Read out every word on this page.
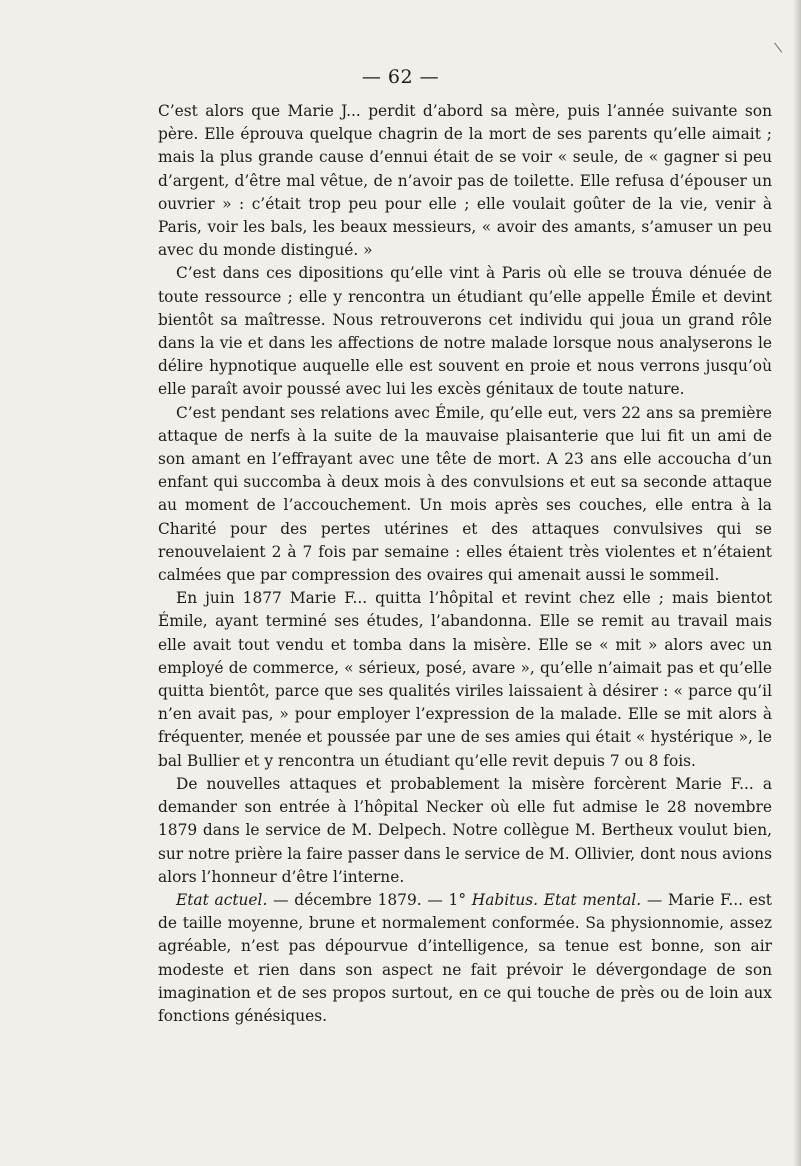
\
— 62 —

C’est alors que Marie J... perdit d’abord sa mère, puis l’année suivante son père. Elle éprouva quelque chagrin de la mort de ses parents qu’elle aimait ; mais la plus grande cause d’ennui était de se voir « seule, de « gagner si peu d’argent, d’être mal vêtue, de n’avoir pas de toilette. Elle refusa d’épouser un ouvrier » : c’était trop peu pour elle ; elle voulait goûter de la vie, venir à Paris, voir les bals, les beaux messieurs, « avoir des amants, s’amuser un peu avec du monde distingué. »

C’est dans ces dipositions qu’elle vint à Paris où elle se trouva dénuée de toute ressource ; elle y rencontra un étudiant qu’elle appelle Émile et devint bientôt sa maîtresse. Nous retrouverons cet individu qui joua un grand rôle dans la vie et dans les affections de notre malade lorsque nous analyserons le délire hypnotique auquelle elle est souvent en proie et nous verrons jusqu’où elle paraît avoir poussé avec lui les excès génitaux de toute nature.

C’est pendant ses relations avec Émile, qu’elle eut, vers 22 ans sa première attaque de nerfs à la suite de la mauvaise plaisanterie que lui fit un ami de son amant en l’effrayant avec une tête de mort. A 23 ans elle accoucha d’un enfant qui succomba à deux mois à des convulsions et eut sa seconde attaque au moment de l’accouchement. Un mois après ses couches, elle entra à la Charité pour des pertes utérines et des attaques convulsives qui se renouvelaient 2 à 7 fois par semaine : elles étaient très violentes et n’étaient calmées que par compression des ovaires qui amenait aussi le sommeil.

En juin 1877 Marie F... quitta l’hôpital et revint chez elle ; mais bientot Émile, ayant terminé ses études, l’abandonna. Elle se remit au travail mais elle avait tout vendu et tomba dans la misère. Elle se « mit » alors avec un employé de commerce, « sérieux, posé, avare », qu’elle n’aimait pas et qu’elle quitta bientôt, parce que ses qualités viriles laissaient à désirer : « parce qu’il n’en avait pas, » pour employer l’expression de la malade. Elle se mit alors à fréquenter, menée et poussée par une de ses amies qui était « hystérique », le bal Bullier et y rencontra un étudiant qu’elle revit depuis 7 ou 8 fois.

De nouvelles attaques et probablement la misère forcèrent Marie F... a demander son entrée à l’hôpital Necker où elle fut admise le 28 novembre 1879 dans le service de M. Delpech. Notre collègue M. Bertheux voulut bien, sur notre prière la faire passer dans le service de M. Ollivier, dont nous avions alors l’honneur d’être l’interne.

Etat actuel. — décembre 1879. — 1° Habitus. Etat mental. — Marie F... est de taille moyenne, brune et normalement conformée. Sa physionnomie, assez agréable, n’est pas dépourvue d’intelligence, sa tenue est bonne, son air modeste et rien dans son aspect ne fait prévoir le dévergondage de son imagination et de ses propos surtout, en ce qui touche de près ou de loin aux fonctions génésiques.
